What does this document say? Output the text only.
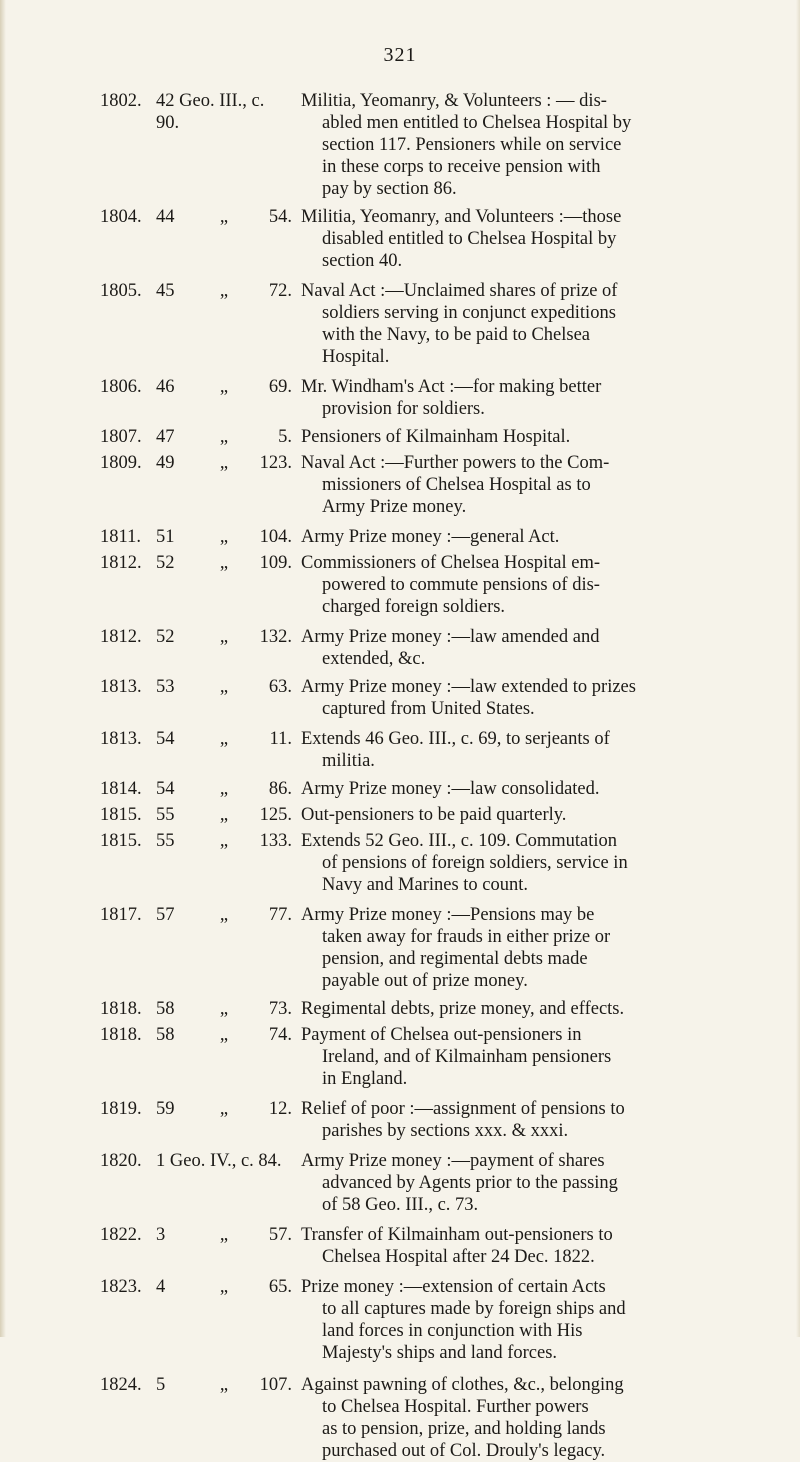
321
1802. 42 Geo. III., c. 90.
Militia, Yeomanry, & Volunteers : — dis-
abled men entitled to Chelsea Hospital by
section 117. Pensioners while on service
in these corps to receive pension with
pay by section 86.
1804. 44	„	54. Militia, Yeomanry, and Volunteers :—those
disabled entitled to Chelsea Hospital by
section 40.
1805. 45	„	72. Naval Act :—Unclaimed shares of prize of
soldiers serving in conjunct expeditions
with the Navy, to be paid to Chelsea
Hospital.
1806. 46	„	69. Mr. Windham's Act :—for making better
provision for soldiers.
1807. 47	„	5. Pensioners of Kilmainham Hospital.
1809. 49	„	123. Naval Act :—Further powers to the Com-
missioners of Chelsea Hospital as to
Army Prize money.
1811. 51	„	104. Army Prize money :—general Act.
1812. 52	„	109. Commissioners of Chelsea Hospital em-
powered to commute pensions of dis-
charged foreign soldiers.
1812. 52	„	132. Army Prize money :—law amended and
extended, &c.
1813. 53	„	63. Army Prize money :—law extended to prizes
captured from United States.
1813. 54	„	11. Extends 46 Geo. III., c. 69, to serjeants of
militia.
1814. 54	„	86. Army Prize money :—law consolidated.
1815. 55	„	125. Out-pensioners to be paid quarterly.
1815. 55	„	133. Extends 52 Geo. III., c. 109. Commutation
of pensions of foreign soldiers, service in
Navy and Marines to count.
1817. 57	„	77. Army Prize money :—Pensions may be
taken away for frauds in either prize or
pension, and regimental debts made
payable out of prize money.
1818. 58	„	73. Regimental debts, prize money, and effects.
1818. 58	„	74. Payment of Chelsea out-pensioners in
Ireland, and of Kilmainham pensioners
in England.
1819. 59	„	12. Relief of poor :—assignment of pensions to
parishes by sections xxx. & xxxi.
1820. 1 Geo. IV., c. 84.	Army Prize money :—payment of shares
advanced by Agents prior to the passing
of 58 Geo. III., c. 73.
1822. 3	„	57. Transfer of Kilmainham out-pensioners to
Chelsea Hospital after 24 Dec. 1822.
1823. 4	„	65. Prize money :—extension of certain Acts
to all captures made by foreign ships and
land forces in conjunction with His
Majesty's ships and land forces.
1824. 5	„	107. Against pawning of clothes, &c., belonging
to Chelsea Hospital. Further powers
as to pension, prize, and holding lands
purchased out of Col. Drouly's legacy.
